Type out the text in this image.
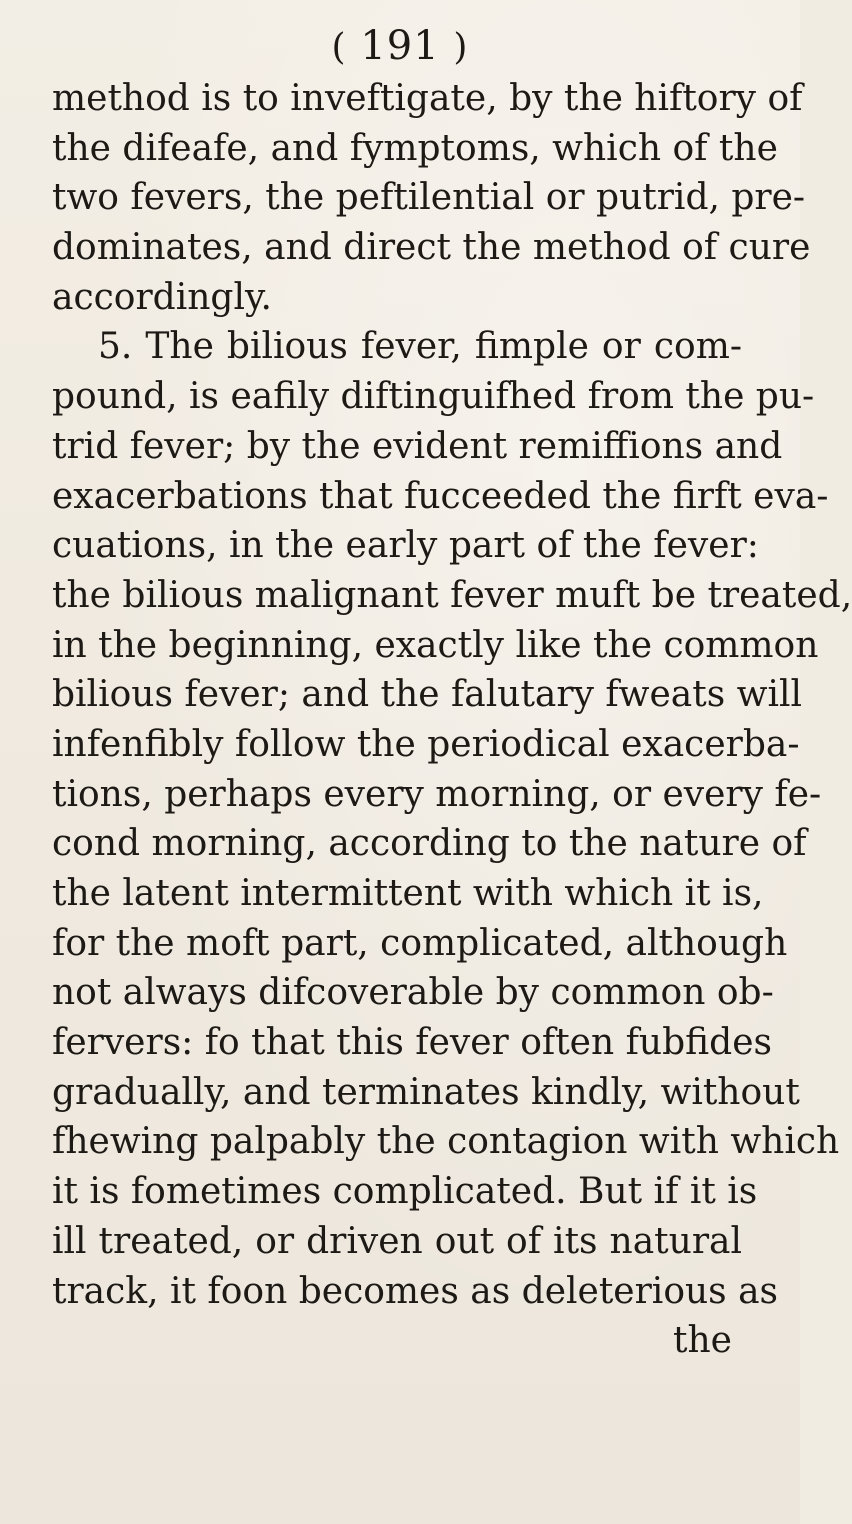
( 191 )
method is to inveftigate, by the hiftory of
the difeafe, and fymptoms, which of the
two fevers, the peftilential or putrid, pre-
dominates, and direct the method of cure
accordingly.
5. The bilious fever, fimple or com-
pound, is eafily diftinguifhed from the pu-
trid fever; by the evident remiffions and
exacerbations that fucceeded the firft eva-
cuations, in the early part of the fever:
the bilious malignant fever muft be treated,
in the beginning, exactly like the common
bilious fever; and the falutary fweats will
infenfibly follow the periodical exacerba-
tions, perhaps every morning, or every fe-
cond morning, according to the nature of
the latent intermittent with which it is,
for the moft part, complicated, although
not always difcoverable by common ob-
fervers: fo that this fever often fubfides
gradually, and terminates kindly, without
fhewing palpably the contagion with which
it is fometimes complicated. But if it is
ill treated, or driven out of its natural
track, it foon becomes as deleterious as
the
